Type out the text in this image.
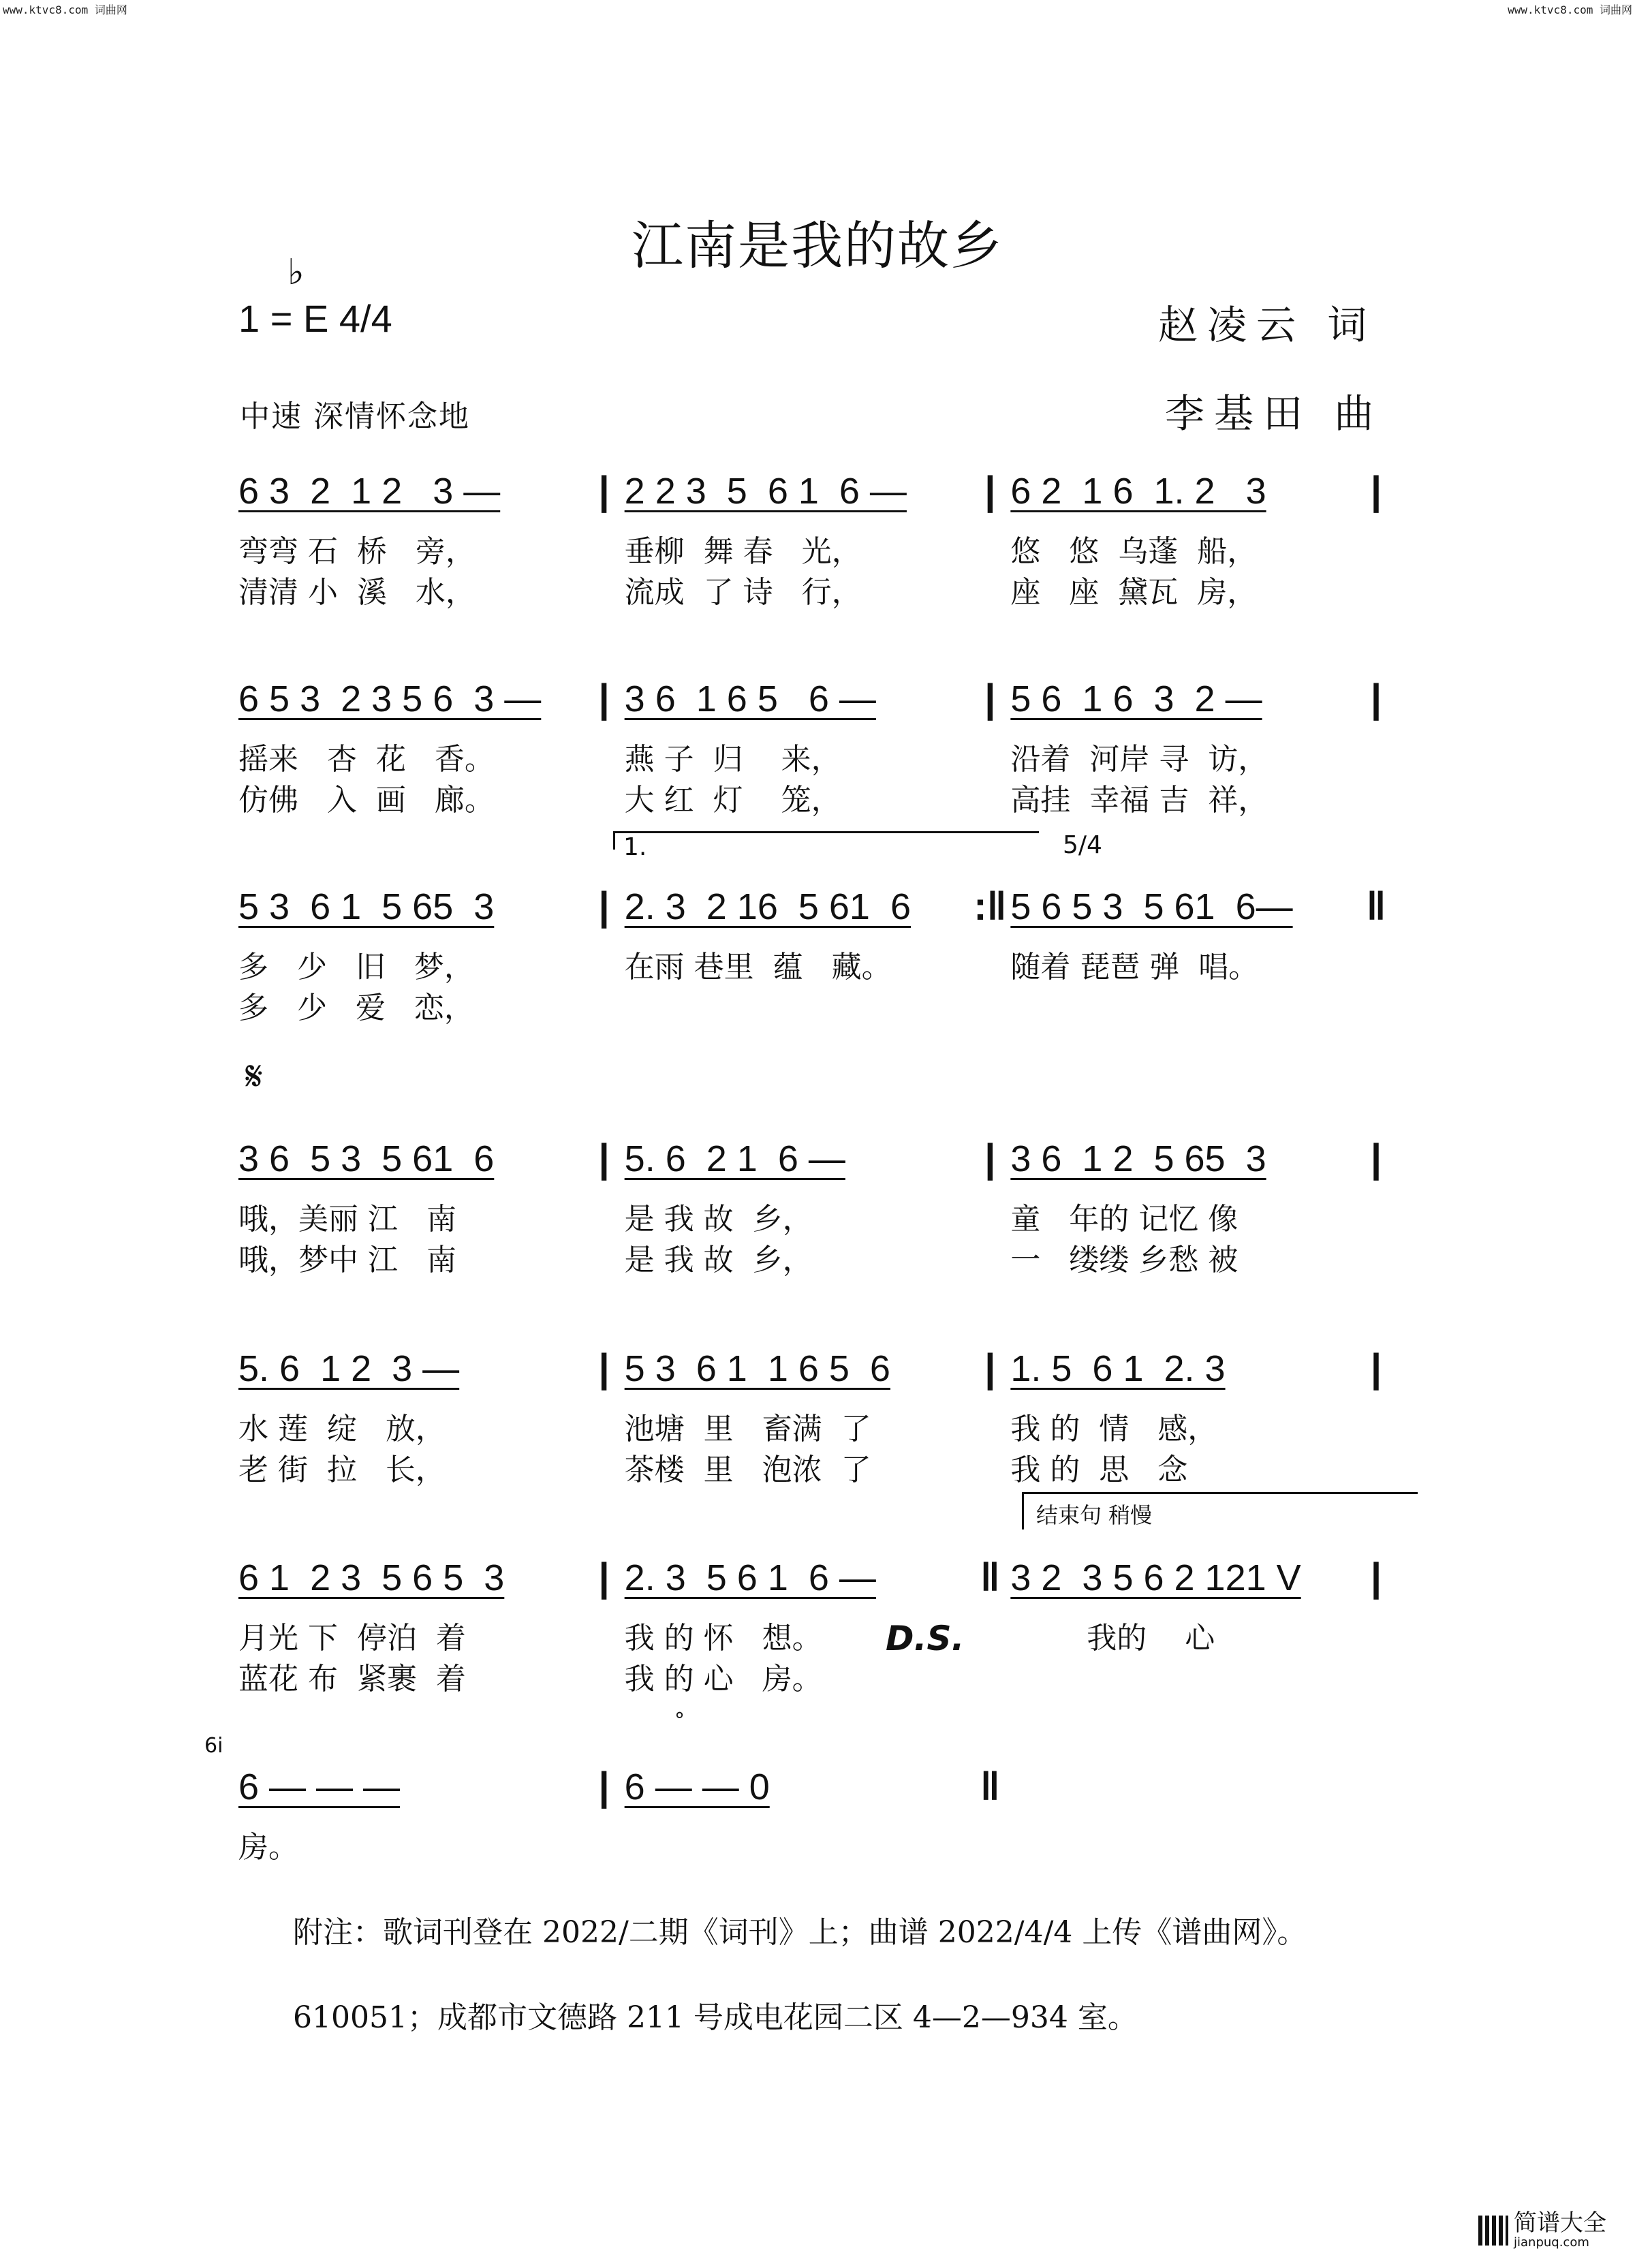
www.ktvc8.com 词曲网	www.ktvc8.com 词曲网
江南是我的故乡
♭
1 = E 4/4	赵凌云 词
李基田 曲
中速 深情怀念地
6 3  2  1 2   3 —
弯弯 石  桥   旁，
清清 小  溪   水，
| 2 2 3  5  6 1  6 —
垂柳  舞 春   光，
流成  了 诗   行，
| 6 2  1 6  1. 2   3
悠   悠  乌蓬  船，
座   座  黛瓦  房，
|
6 5 3  2 3 5 6  3 —
摇来   杏  花   香。
仿佛   入  画   廊。
| 3 6  1 6 5   6 —
燕 子  归    来，
大 红  灯    笼，
| 5 6  1 6  3  2 —
沿着  河岸 寻  访，
高挂  幸福 吉  祥，
|
5 3  6 1  5 65  3
多   少   旧   梦，
多   少   爱   恋，
| 2. 3  2 16  5 61  6
在雨 巷里  蕴   藏。
:‖ 5 6 5 3  5 61  6—
随着 琵琶 弹  唱。
‖
3 6  5 3  5 61  6
哦，美丽 江   南
哦，梦中 江   南
| 5. 6  2 1  6 —
是 我 故  乡，
是 我 故  乡，
| 3 6  1 2  5 65  3
童   年的 记忆 像
一   缕缕 乡愁 被
|
5. 6  1 2  3 —
水 莲  绽   放，
老 街  拉   长，
| 5 3  6 1  1 6 5  6
池塘  里   畜满  了
茶楼  里   泡浓  了
| 1. 5  6 1  2. 3
我 的  情   感，
我 的  思   念
|
6 1  2 3  5 6 5  3
月光 下  停泊  着
蓝花 布  紧裹  着
| 2. 3  5 6 1  6 —
我 的 怀   想。
我 的 心   房。
‖ 3 2  3 5 6 2 121 V
我的    心
|
6 — — —
房。
| 6 — — 0	‖
1.	5/4
𝄋
结束句 稍慢
D.S.
°
6i
附注：歌词刊登在 2022/二期《词刊》上；曲谱 2022/4/4 上传《谱曲网》。
610051；成都市文德路 211 号成电花园二区 4—2—934 室。
简谱大全
jianpuq.com
